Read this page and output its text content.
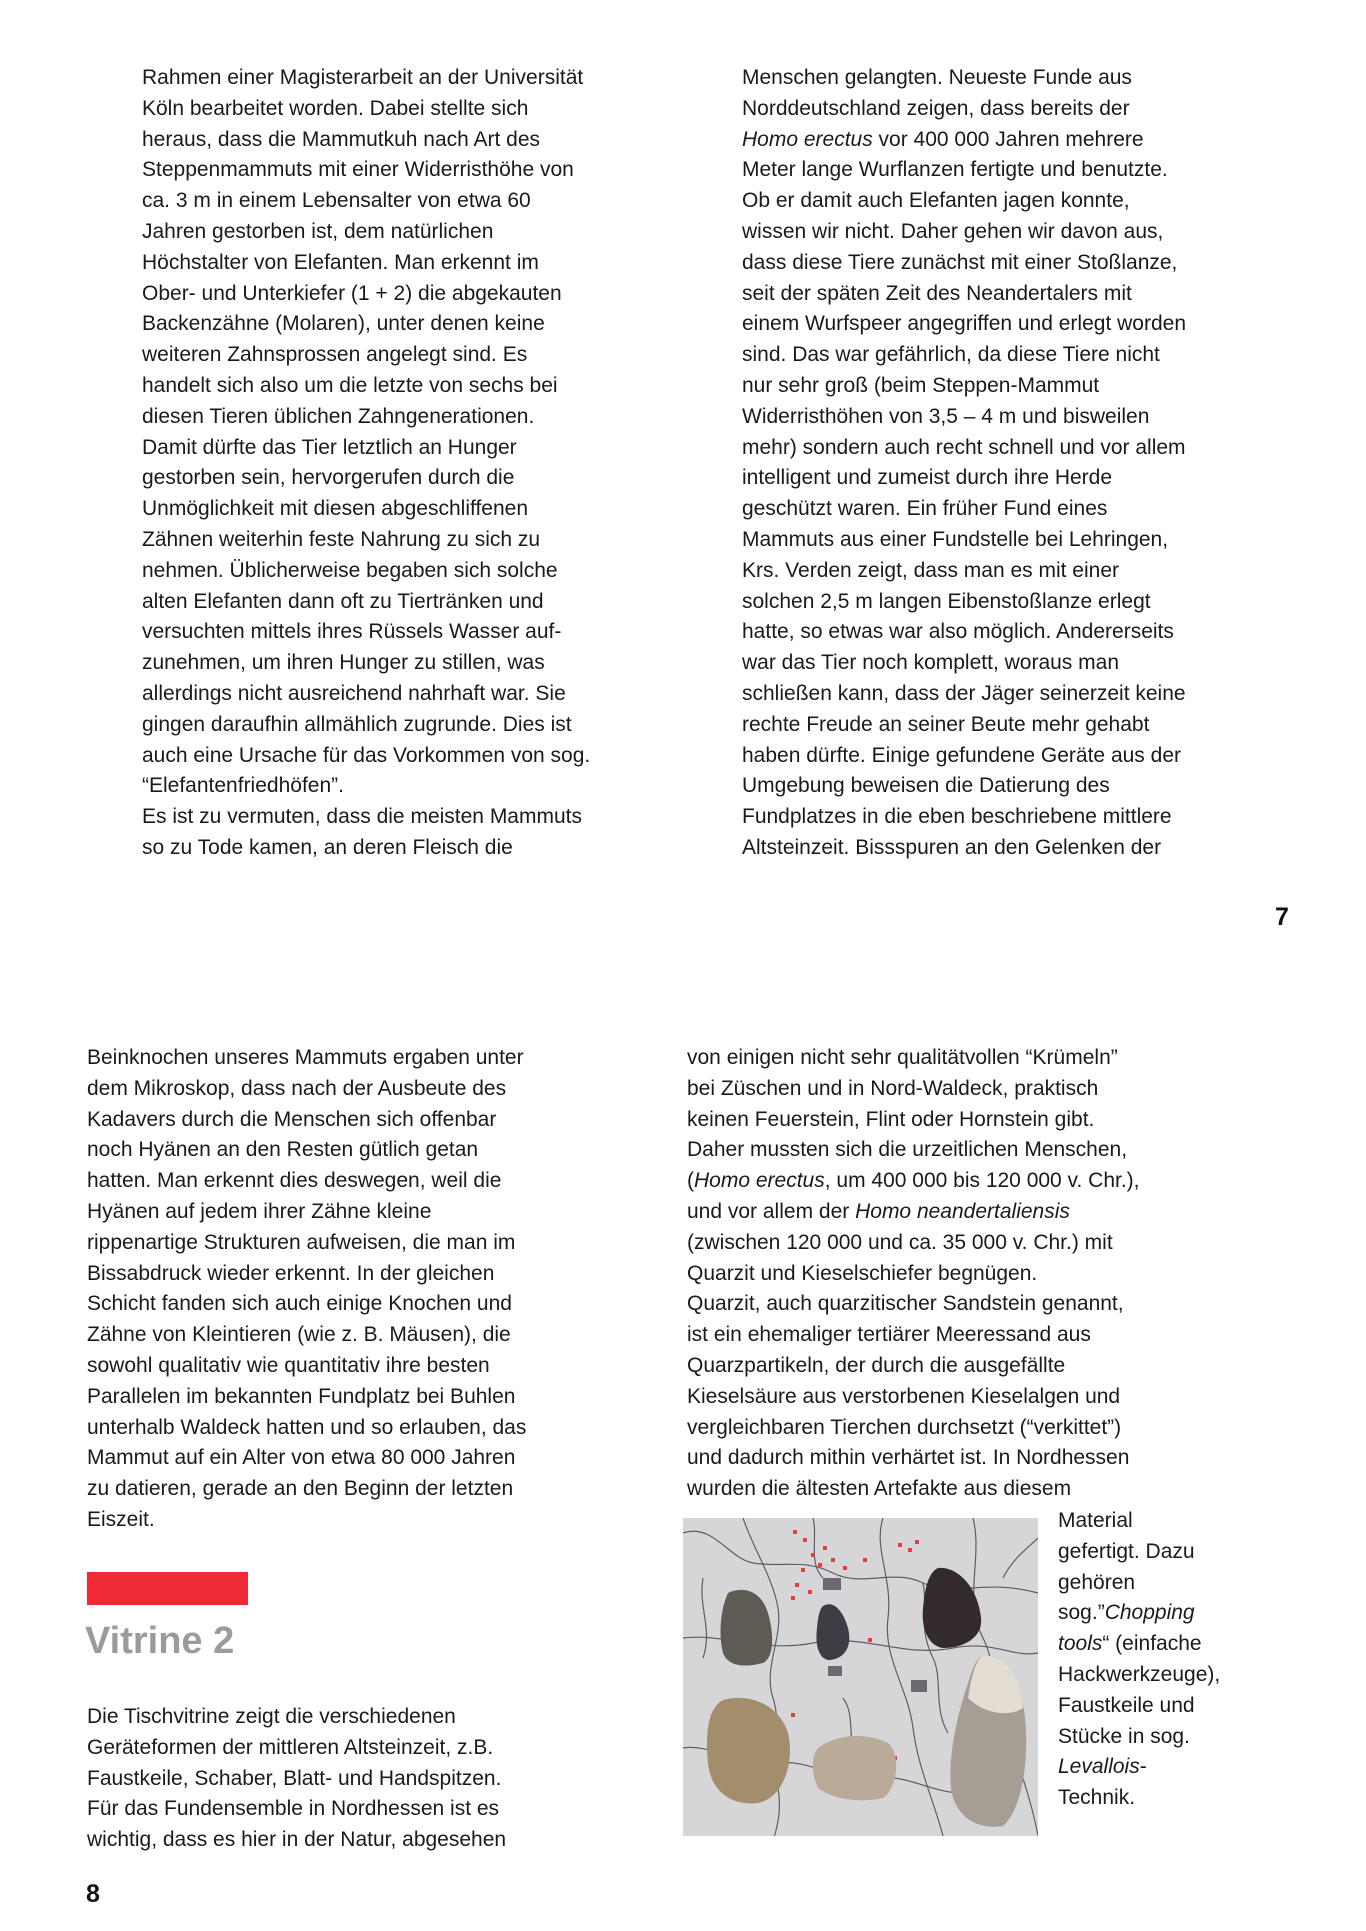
Rahmen einer Magisterarbeit an der Universität
Köln bearbeitet worden. Dabei stellte sich
heraus, dass die Mammutkuh nach Art des
Steppenmammuts mit einer Widerristhöhe von
ca. 3 m in einem Lebensalter von etwa 60
Jahren gestorben ist, dem natürlichen
Höchstalter von Elefanten. Man erkennt im
Ober- und Unterkiefer (1 + 2) die abgekauten
Backenzähne (Molaren), unter denen keine
weiteren Zahnsprossen angelegt sind. Es
handelt sich also um die letzte von sechs bei
diesen Tieren üblichen Zahngenerationen.
Damit dürfte das Tier letztlich an Hunger
gestorben sein, hervorgerufen durch die
Unmöglichkeit mit diesen abgeschliffenen
Zähnen weiterhin feste Nahrung zu sich zu
nehmen. Üblicherweise begaben sich solche
alten Elefanten dann oft zu Tiertränken und
versuchten mittels ihres Rüssels Wasser auf-
zunehmen, um ihren Hunger zu stillen, was
allerdings nicht ausreichend nahrhaft war. Sie
gingen daraufhin allmählich zugrunde. Dies ist
auch eine Ursache für das Vorkommen von sog.
“Elefantenfriedhöfen”.
Es ist zu vermuten, dass die meisten Mammuts
so zu Tode kamen, an deren Fleisch die
Menschen gelangten. Neueste Funde aus
Norddeutschland zeigen, dass bereits der
Homo erectus vor 400 000 Jahren mehrere
Meter lange Wurflanzen fertigte und benutzte.
Ob er damit auch Elefanten jagen konnte,
wissen wir nicht. Daher gehen wir davon aus,
dass diese Tiere zunächst mit einer Stoßlanze,
seit der späten Zeit des Neandertalers mit
einem Wurfspeer angegriffen und erlegt worden
sind. Das war gefährlich, da diese Tiere nicht
nur sehr groß (beim Steppen-Mammut
Widerristhöhen von 3,5 – 4 m und bisweilen
mehr) sondern auch recht schnell und vor allem
intelligent und zumeist durch ihre Herde
geschützt waren. Ein früher Fund eines
Mammuts aus einer Fundstelle bei Lehringen,
Krs. Verden zeigt, dass man es mit einer
solchen 2,5 m langen Eibenstoßlanze erlegt
hatte, so etwas war also möglich. Andererseits
war das Tier noch komplett, woraus man
schließen kann, dass der Jäger seinerzeit keine
rechte Freude an seiner Beute mehr gehabt
haben dürfte. Einige gefundene Geräte aus der
Umgebung beweisen die Datierung des
Fundplatzes in die eben beschriebene mittlere
Altsteinzeit. Bissspuren an den Gelenken der
7
Beinknochen unseres Mammuts ergaben unter
dem Mikroskop, dass nach der Ausbeute des
Kadavers durch die Menschen sich offenbar
noch Hyänen an den Resten gütlich getan
hatten. Man erkennt dies deswegen, weil die
Hyänen auf jedem ihrer Zähne kleine
rippenartige Strukturen aufweisen, die man im
Bissabdruck wieder erkennt. In der gleichen
Schicht fanden sich auch einige Knochen und
Zähne von Kleintieren (wie z. B. Mäusen), die
sowohl qualitativ wie quantitativ ihre besten
Parallelen im bekannten Fundplatz bei Buhlen
unterhalb Waldeck hatten und so erlauben, das
Mammut auf ein Alter von etwa 80 000 Jahren
zu datieren, gerade an den Beginn der letzten
Eiszeit.
Vitrine 2
Die Tischvitrine zeigt die verschiedenen
Geräteformen der mittleren Altsteinzeit, z.B.
Faustkeile, Schaber, Blatt- und Handspitzen.
Für das Fundensemble in Nordhessen ist es
wichtig, dass es hier in der Natur, abgesehen
8
von einigen nicht sehr qualitätvollen “Krümeln”
bei Züschen und in Nord-Waldeck, praktisch
keinen Feuerstein, Flint oder Hornstein gibt.
Daher mussten sich die urzeitlichen Menschen,
(Homo erectus, um 400 000 bis 120 000 v. Chr.),
und vor allem der Homo neandertaliensis
(zwischen 120 000 und ca. 35 000 v. Chr.) mit
Quarzit und Kieselschiefer begnügen.
Quarzit, auch quarzitischer Sandstein genannt,
ist ein ehemaliger tertiärer Meeressand aus
Quarzpartikeln, der durch die ausgefällte
Kieselsäure aus verstorbenen Kieselalgen und
vergleichbaren Tierchen durchsetzt (“verkittet”)
und dadurch mithin verhärtet ist. In Nordhessen
wurden die ältesten Artefakte aus diesem
Material
gefertigt. Dazu
gehören
sog.”Chopping
tools“ (einfache
Hackwerkzeuge),
Faustkeile und
Stücke in sog.
Levallois-
Technik.
